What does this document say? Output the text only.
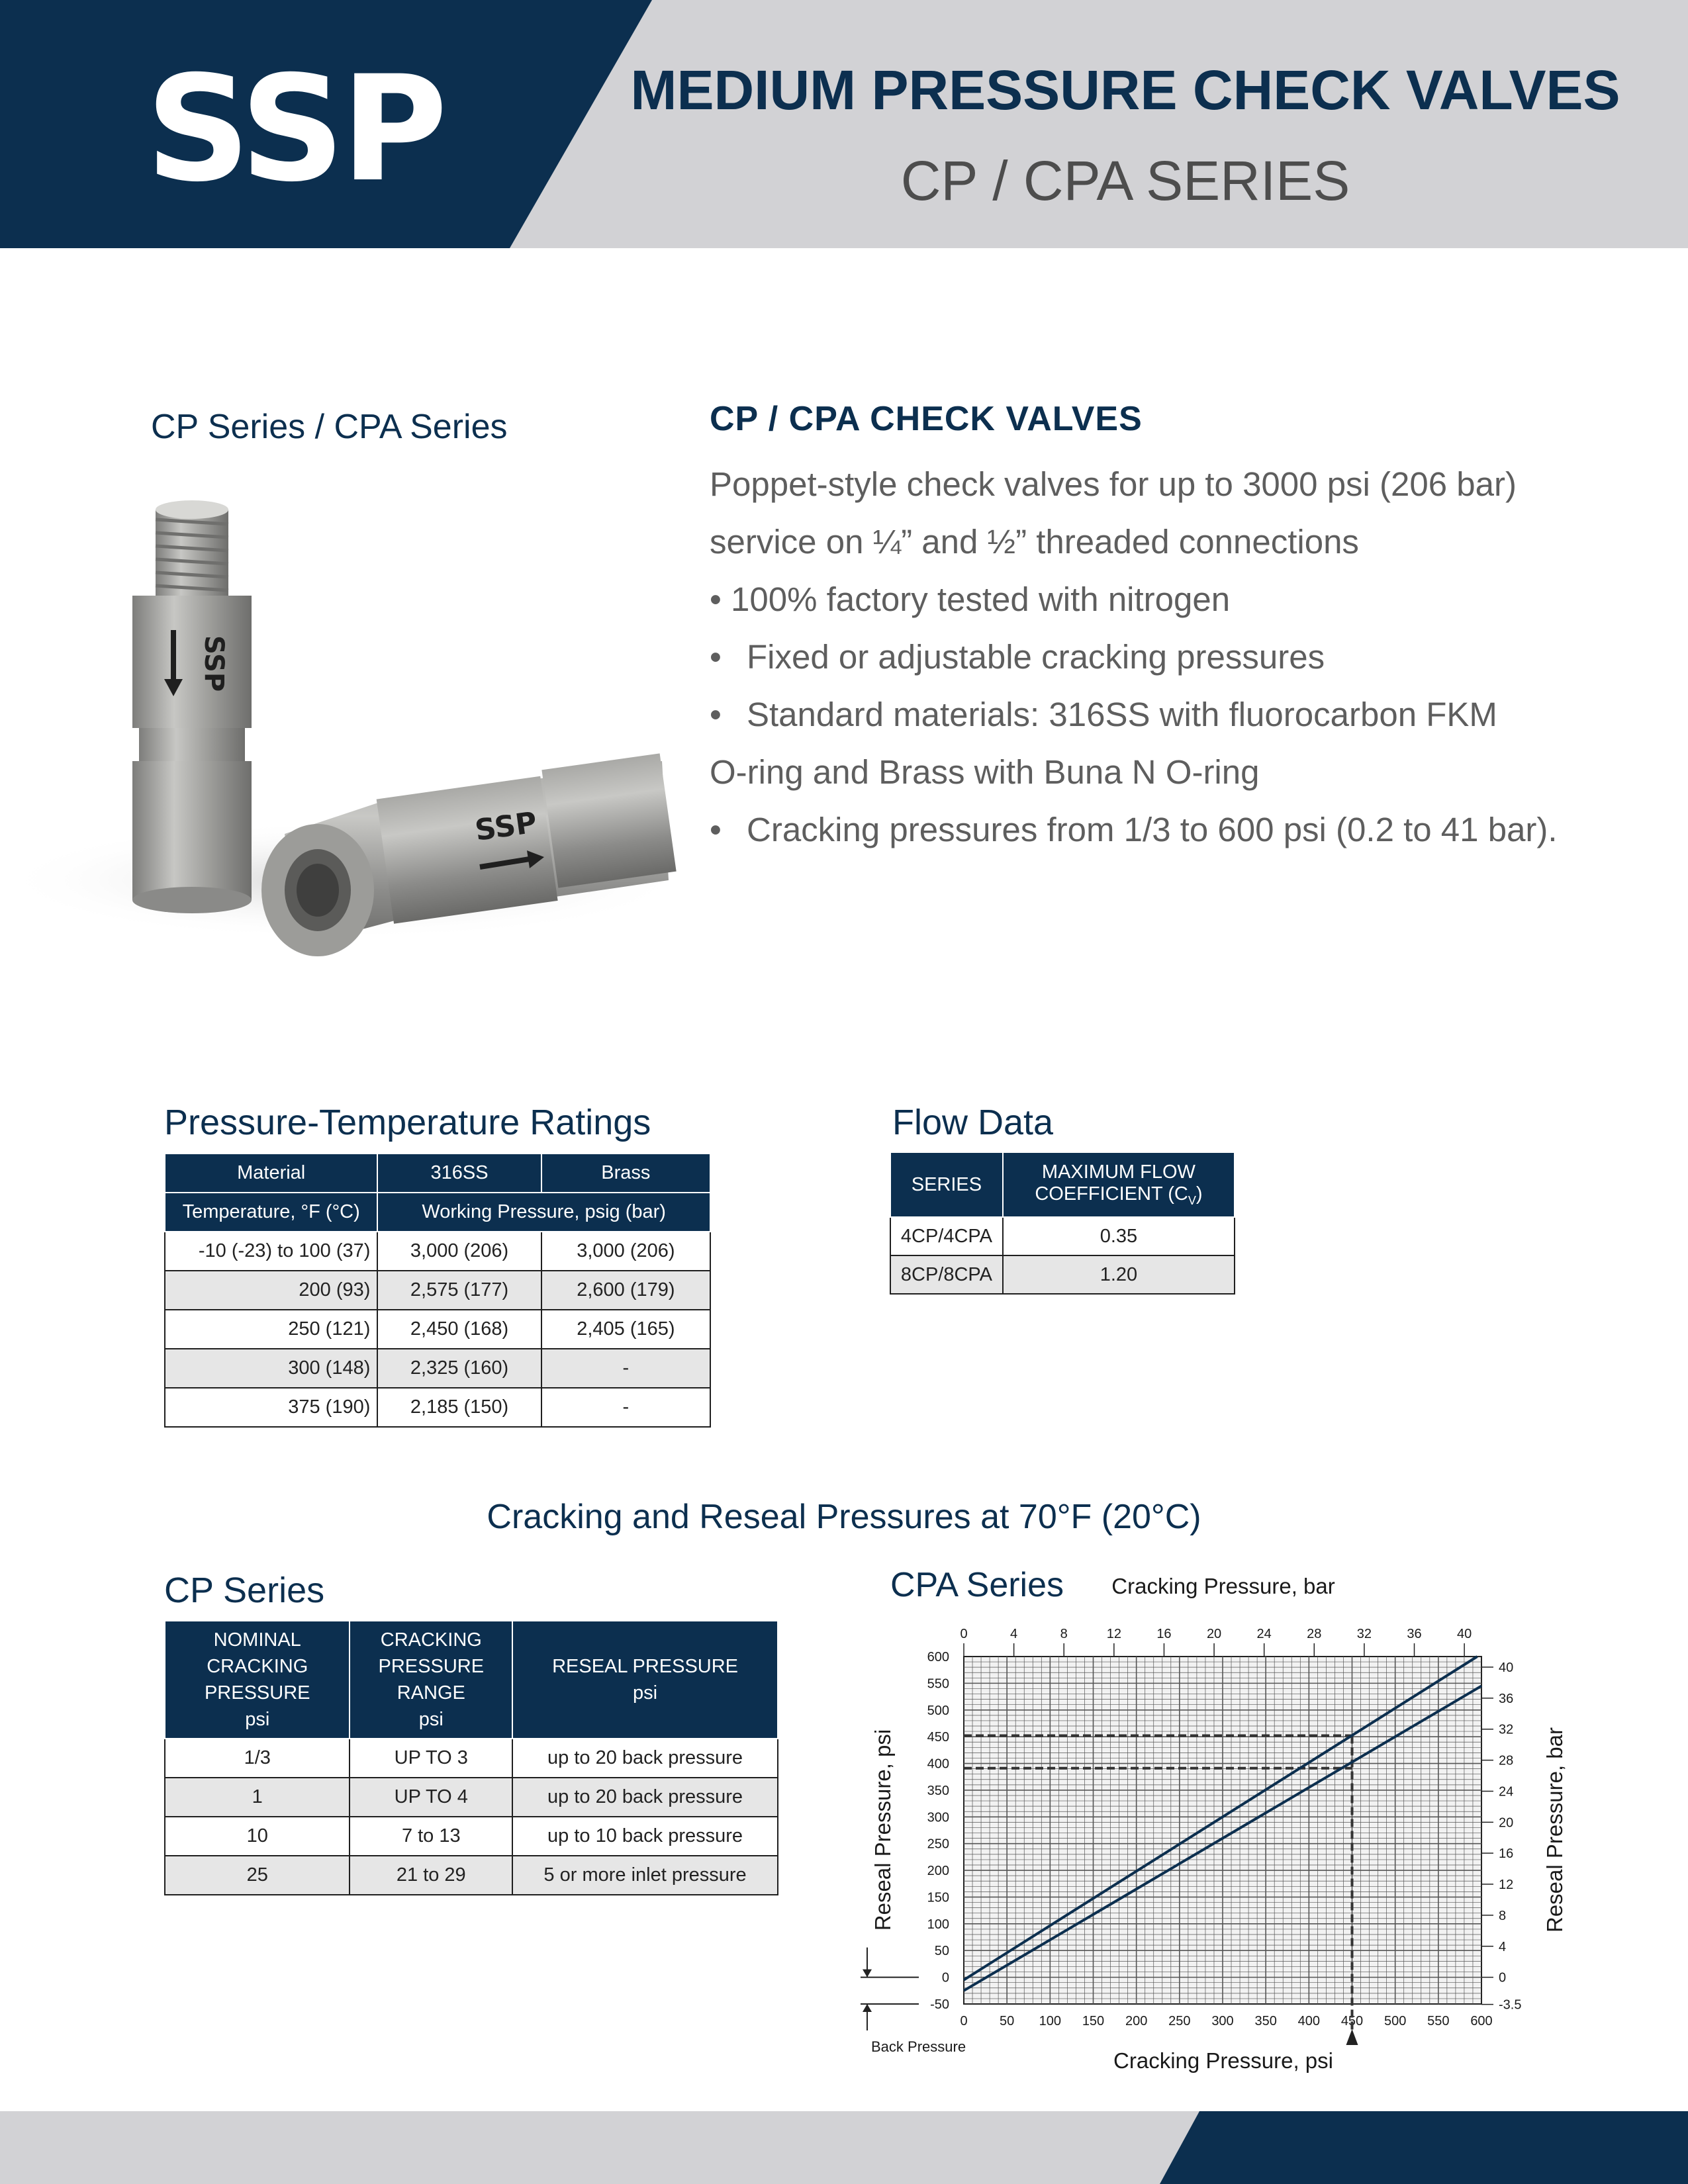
SSP	MEDIUM PRESSURE CHECK VALVES
CP / CPA SERIES
CP Series / CPA Series
SSP
SSP
CP / CPA CHECK VALVES

Poppet-style check valves for up to 3000 psi (206 bar)

service on ¼” and ½” threaded connections

• 100% factory tested with nitrogen

• Fixed or adjustable cracking pressures
• Standard materials: 316SS with fluorocarbon FKM

O-ring and Brass with Buna N O-ring

• Cracking pressures from 1/3 to 600 psi (0.2 to 41 bar).
Pressure-Temperature Ratings
Material	316SS	Brass
Temperature, °F (°C)	Working Pressure, psig (bar)	
-10 (-23) to 100 (37)	3,000 (206)	3,000 (206)
200 (93)	2,575 (177)	2,600 (179)
250 (121)	2,450 (168)	2,405 (165)
300 (148)	2,325 (160)	-
375 (190)	2,185 (150)	-
Flow Data
SERIES	MAXIMUM FLOW
COEFFICIENT $(C_V)$
4CP/4CPA	0.35
8CP/8CPA	1.20
Cracking and Reseal Pressures at 70°F (20°C)
CP Series
NOMINAL
CRACKING
PRESSURE
psi	CRACKING
PRESSURE
RANGE
psi	RESEAL PRESSURE
psi
1/3	UP TO 3	up to 20 back pressure
1	UP TO 4	up to 20 back pressure
10	7 to 13	up to 10 back pressure
25	21 to 29	5 or more inlet pressure
CPA Series Cracking Pressure, bar
0 50 100 150 200 250 300 350 400 450 500 550 600
0	4	8	12	16	20	24	28	32	36	40
600
550
500
450
400
350
300
250
200
150
100
50
0
-50
40
36
32
28
24
20
16
12
8
4
0
-3.5
Cracking Pressure, psi
Reseal Pressure, psi	Reseal Pressure, bar
Back Pressure
